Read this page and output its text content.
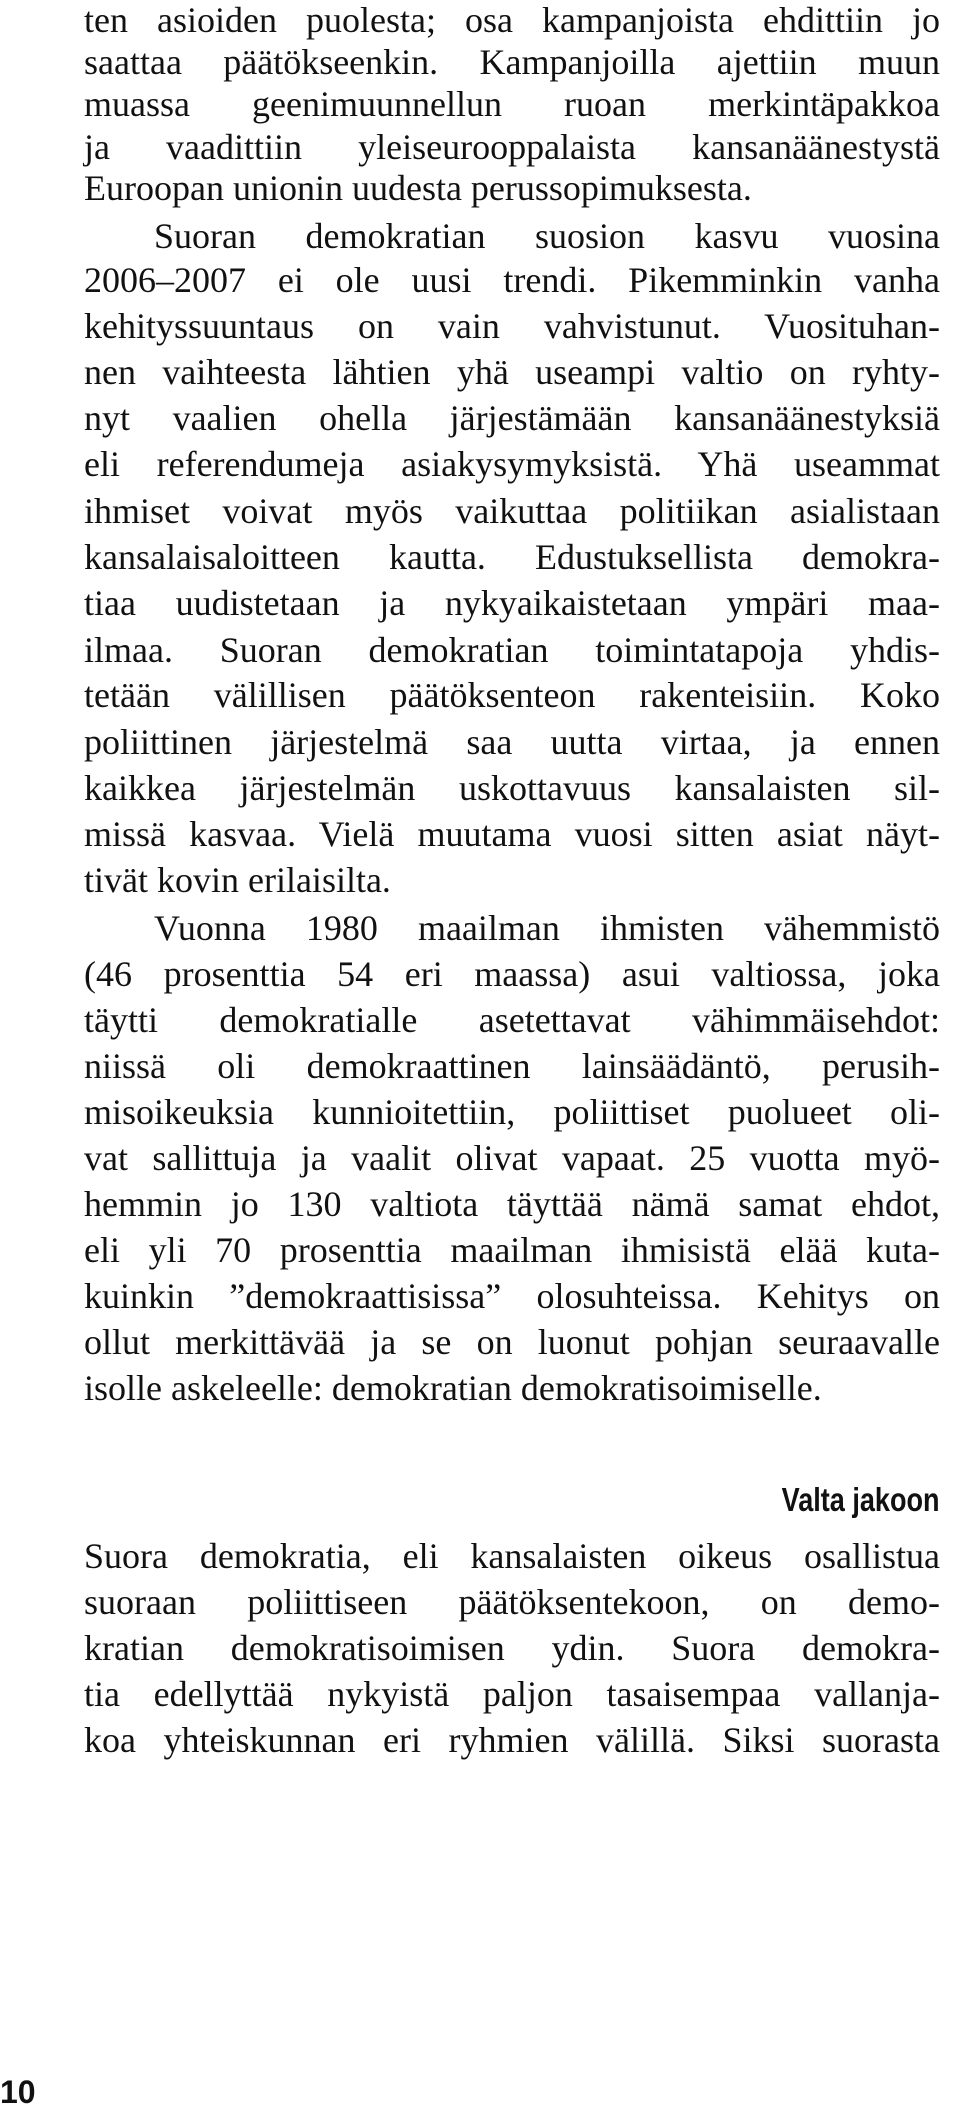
ten asioiden puolesta; osa kampanjoista ehdittiin jo
saattaa päätökseenkin. Kampanjoilla ajettiin muun
muassa geenimuunnellun ruoan merkintäpakkoa
ja vaadittiin yleiseurooppalaista kansanäänestystä
Euroopan unionin uudesta perussopimuksesta.
Suoran demokratian suosion kasvu vuosina
2006–2007 ei ole uusi trendi. Pikemminkin vanha
kehityssuuntaus on vain vahvistunut. Vuosituhan-
nen vaihteesta lähtien yhä useampi valtio on ryhty-
nyt vaalien ohella järjestämään kansanäänestyksiä
eli referendumeja asiakysymyksistä. Yhä useammat
ihmiset voivat myös vaikuttaa politiikan asialistaan
kansalaisaloitteen kautta. Edustuksellista demokra-
tiaa uudistetaan ja nykyaikaistetaan ympäri maa-
ilmaa. Suoran demokratian toimintatapoja yhdis-
tetään välillisen päätöksenteon rakenteisiin. Koko
poliittinen järjestelmä saa uutta virtaa, ja ennen
kaikkea järjestelmän uskottavuus kansalaisten sil-
missä kasvaa. Vielä muutama vuosi sitten asiat näyt-
tivät kovin erilaisilta.
Vuonna 1980 maailman ihmisten vähemmistö
(46 prosenttia 54 eri maassa) asui valtiossa, joka
täytti demokratialle asetettavat vähimmäisehdot:
niissä oli demokraattinen lainsäädäntö, perusih-
misoikeuksia kunnioitettiin, poliittiset puolueet oli-
vat sallittuja ja vaalit olivat vapaat. 25 vuotta myö-
hemmin jo 130 valtiota täyttää nämä samat ehdot,
eli yli 70 prosenttia maailman ihmisistä elää kuta-
kuinkin ”demokraattisissa” olosuhteissa. Kehitys on
ollut merkittävää ja se on luonut pohjan seuraavalle
isolle askeleelle: demokratian demokratisoimiselle.
Valta jakoon
Suora demokratia, eli kansalaisten oikeus osallistua
suoraan poliittiseen päätöksentekoon, on demo-
kratian demokratisoimisen ydin. Suora demokra-
tia edellyttää nykyistä paljon tasaisempaa vallanja-
koa yhteiskunnan eri ryhmien välillä. Siksi suorasta
10
